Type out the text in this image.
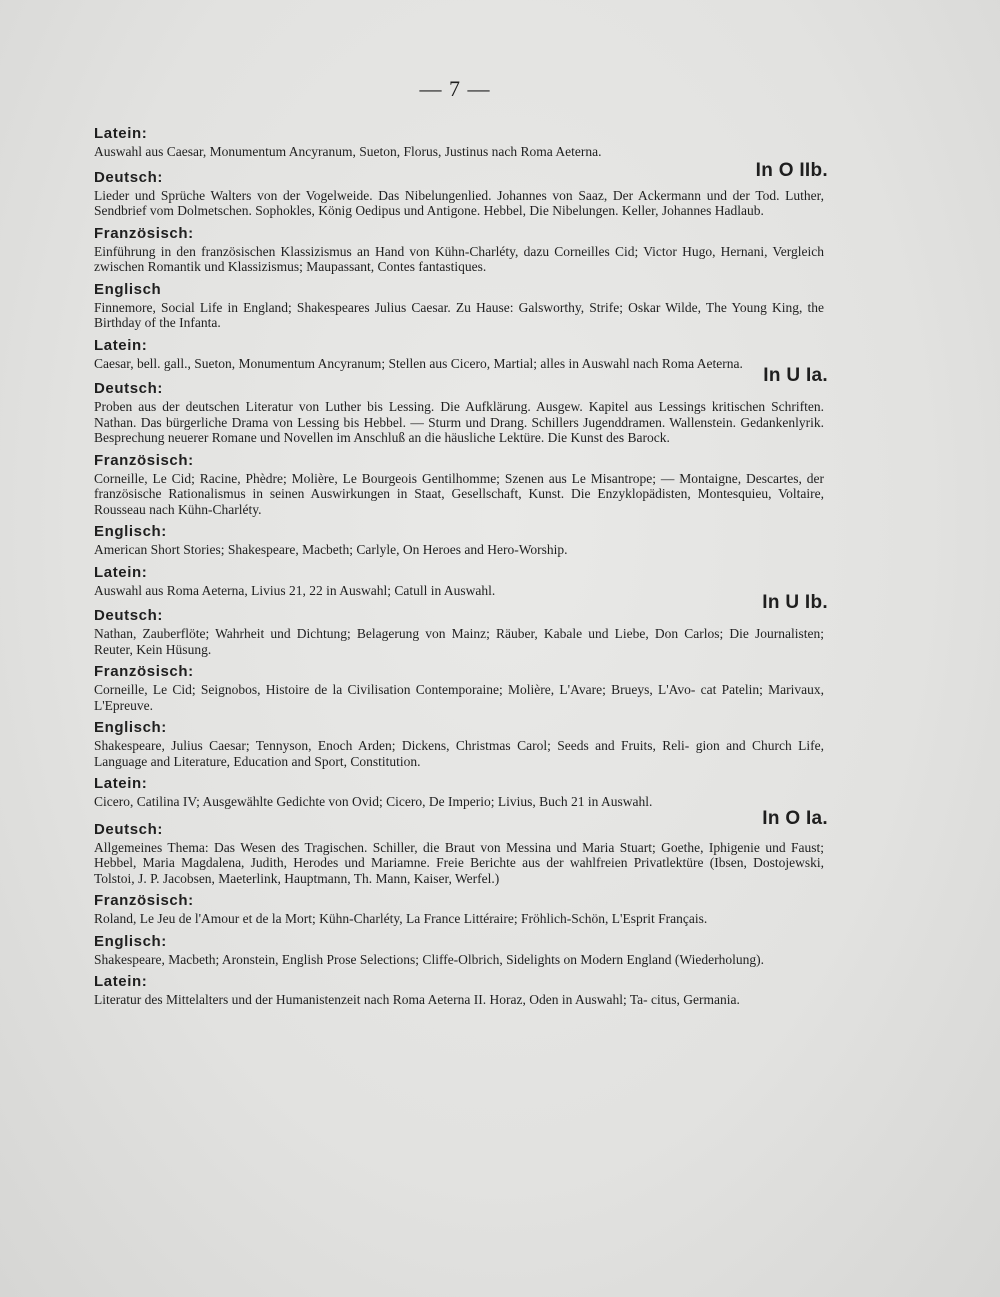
— 7 —

Latein:

Auswahl aus Caesar, Monumentum Ancyranum, Sueton, Florus, Justinus nach Roma Aeterna.

In O IIb.

Deutsch:

Lieder und Sprüche Walters von der Vogelweide. Das Nibelungenlied. Johannes von Saaz, Der Ackermann und der Tod. Luther, Sendbrief vom Dolmetschen. Sophokles, König Oedipus und Antigone. Hebbel, Die Nibelungen. Keller, Johannes Hadlaub.

Französisch:

Einführung in den französischen Klassizismus an Hand von Kühn-Charléty, dazu Corneilles Cid; Victor Hugo, Hernani, Vergleich zwischen Romantik und Klassizismus; Maupassant, Contes fantastiques.

Englisch

Finnemore, Social Life in England; Shakespeares Julius Caesar. Zu Hause: Galsworthy, Strife; Oskar Wilde, The Young King, the Birthday of the Infanta.

Latein:

Caesar, bell. gall., Sueton, Monumentum Ancyranum; Stellen aus Cicero, Martial; alles in Auswahl nach Roma Aeterna.

In U Ia.

Deutsch:

Proben aus der deutschen Literatur von Luther bis Lessing. Die Aufklärung. Ausgew. Kapitel aus Lessings kritischen Schriften. Nathan. Das bürgerliche Drama von Lessing bis Hebbel. — Sturm und Drang. Schillers Jugenddramen. Wallenstein. Gedankenlyrik. Besprechung neuerer Romane und Novellen im Anschluß an die häusliche Lektüre. Die Kunst des Barock.

Französisch:

Corneille, Le Cid; Racine, Phèdre; Molière, Le Bourgeois Gentilhomme; Szenen aus Le Misantrope; — Montaigne, Descartes, der französische Rationalismus in seinen Auswirkungen in Staat, Gesellschaft, Kunst. Die Enzyklopädisten, Montesquieu, Voltaire, Rousseau nach Kühn-Charléty.

Englisch:

American Short Stories; Shakespeare, Macbeth; Carlyle, On Heroes and Hero-Worship.

Latein:

Auswahl aus Roma Aeterna, Livius 21, 22 in Auswahl; Catull in Auswahl.

In U Ib.

Deutsch:

Nathan, Zauberflöte; Wahrheit und Dichtung; Belagerung von Mainz; Räuber, Kabale und Liebe, Don Carlos; Die Journalisten; Reuter, Kein Hüsung.

Französisch:

Corneille, Le Cid; Seignobos, Histoire de la Civilisation Contemporaine; Molière, L'Avare; Brueys, L'Avo- cat Patelin; Marivaux, L'Epreuve.

Englisch:

Shakespeare, Julius Caesar; Tennyson, Enoch Arden; Dickens, Christmas Carol; Seeds and Fruits, Reli- gion and Church Life, Language and Literature, Education and Sport, Constitution.

Latein:

Cicero, Catilina IV; Ausgewählte Gedichte von Ovid; Cicero, De Imperio; Livius, Buch 21 in Auswahl.

In O Ia.

Deutsch:

Allgemeines Thema: Das Wesen des Tragischen. Schiller, die Braut von Messina und Maria Stuart; Goethe, Iphigenie und Faust; Hebbel, Maria Magdalena, Judith, Herodes und Mariamne. Freie Berichte aus der wahlfreien Privatlektüre (Ibsen, Dostojewski, Tolstoi, J. P. Jacobsen, Maeterlink, Hauptmann, Th. Mann, Kaiser, Werfel.)

Französisch:

Roland, Le Jeu de l'Amour et de la Mort; Kühn-Charléty, La France Littéraire; Fröhlich-Schön, L'Esprit Français.

Englisch:

Shakespeare, Macbeth; Aronstein, English Prose Selections; Cliffe-Olbrich, Sidelights on Modern England (Wiederholung).

Latein:

Literatur des Mittelalters und der Humanistenzeit nach Roma Aeterna II. Horaz, Oden in Auswahl; Ta- citus, Germania.
